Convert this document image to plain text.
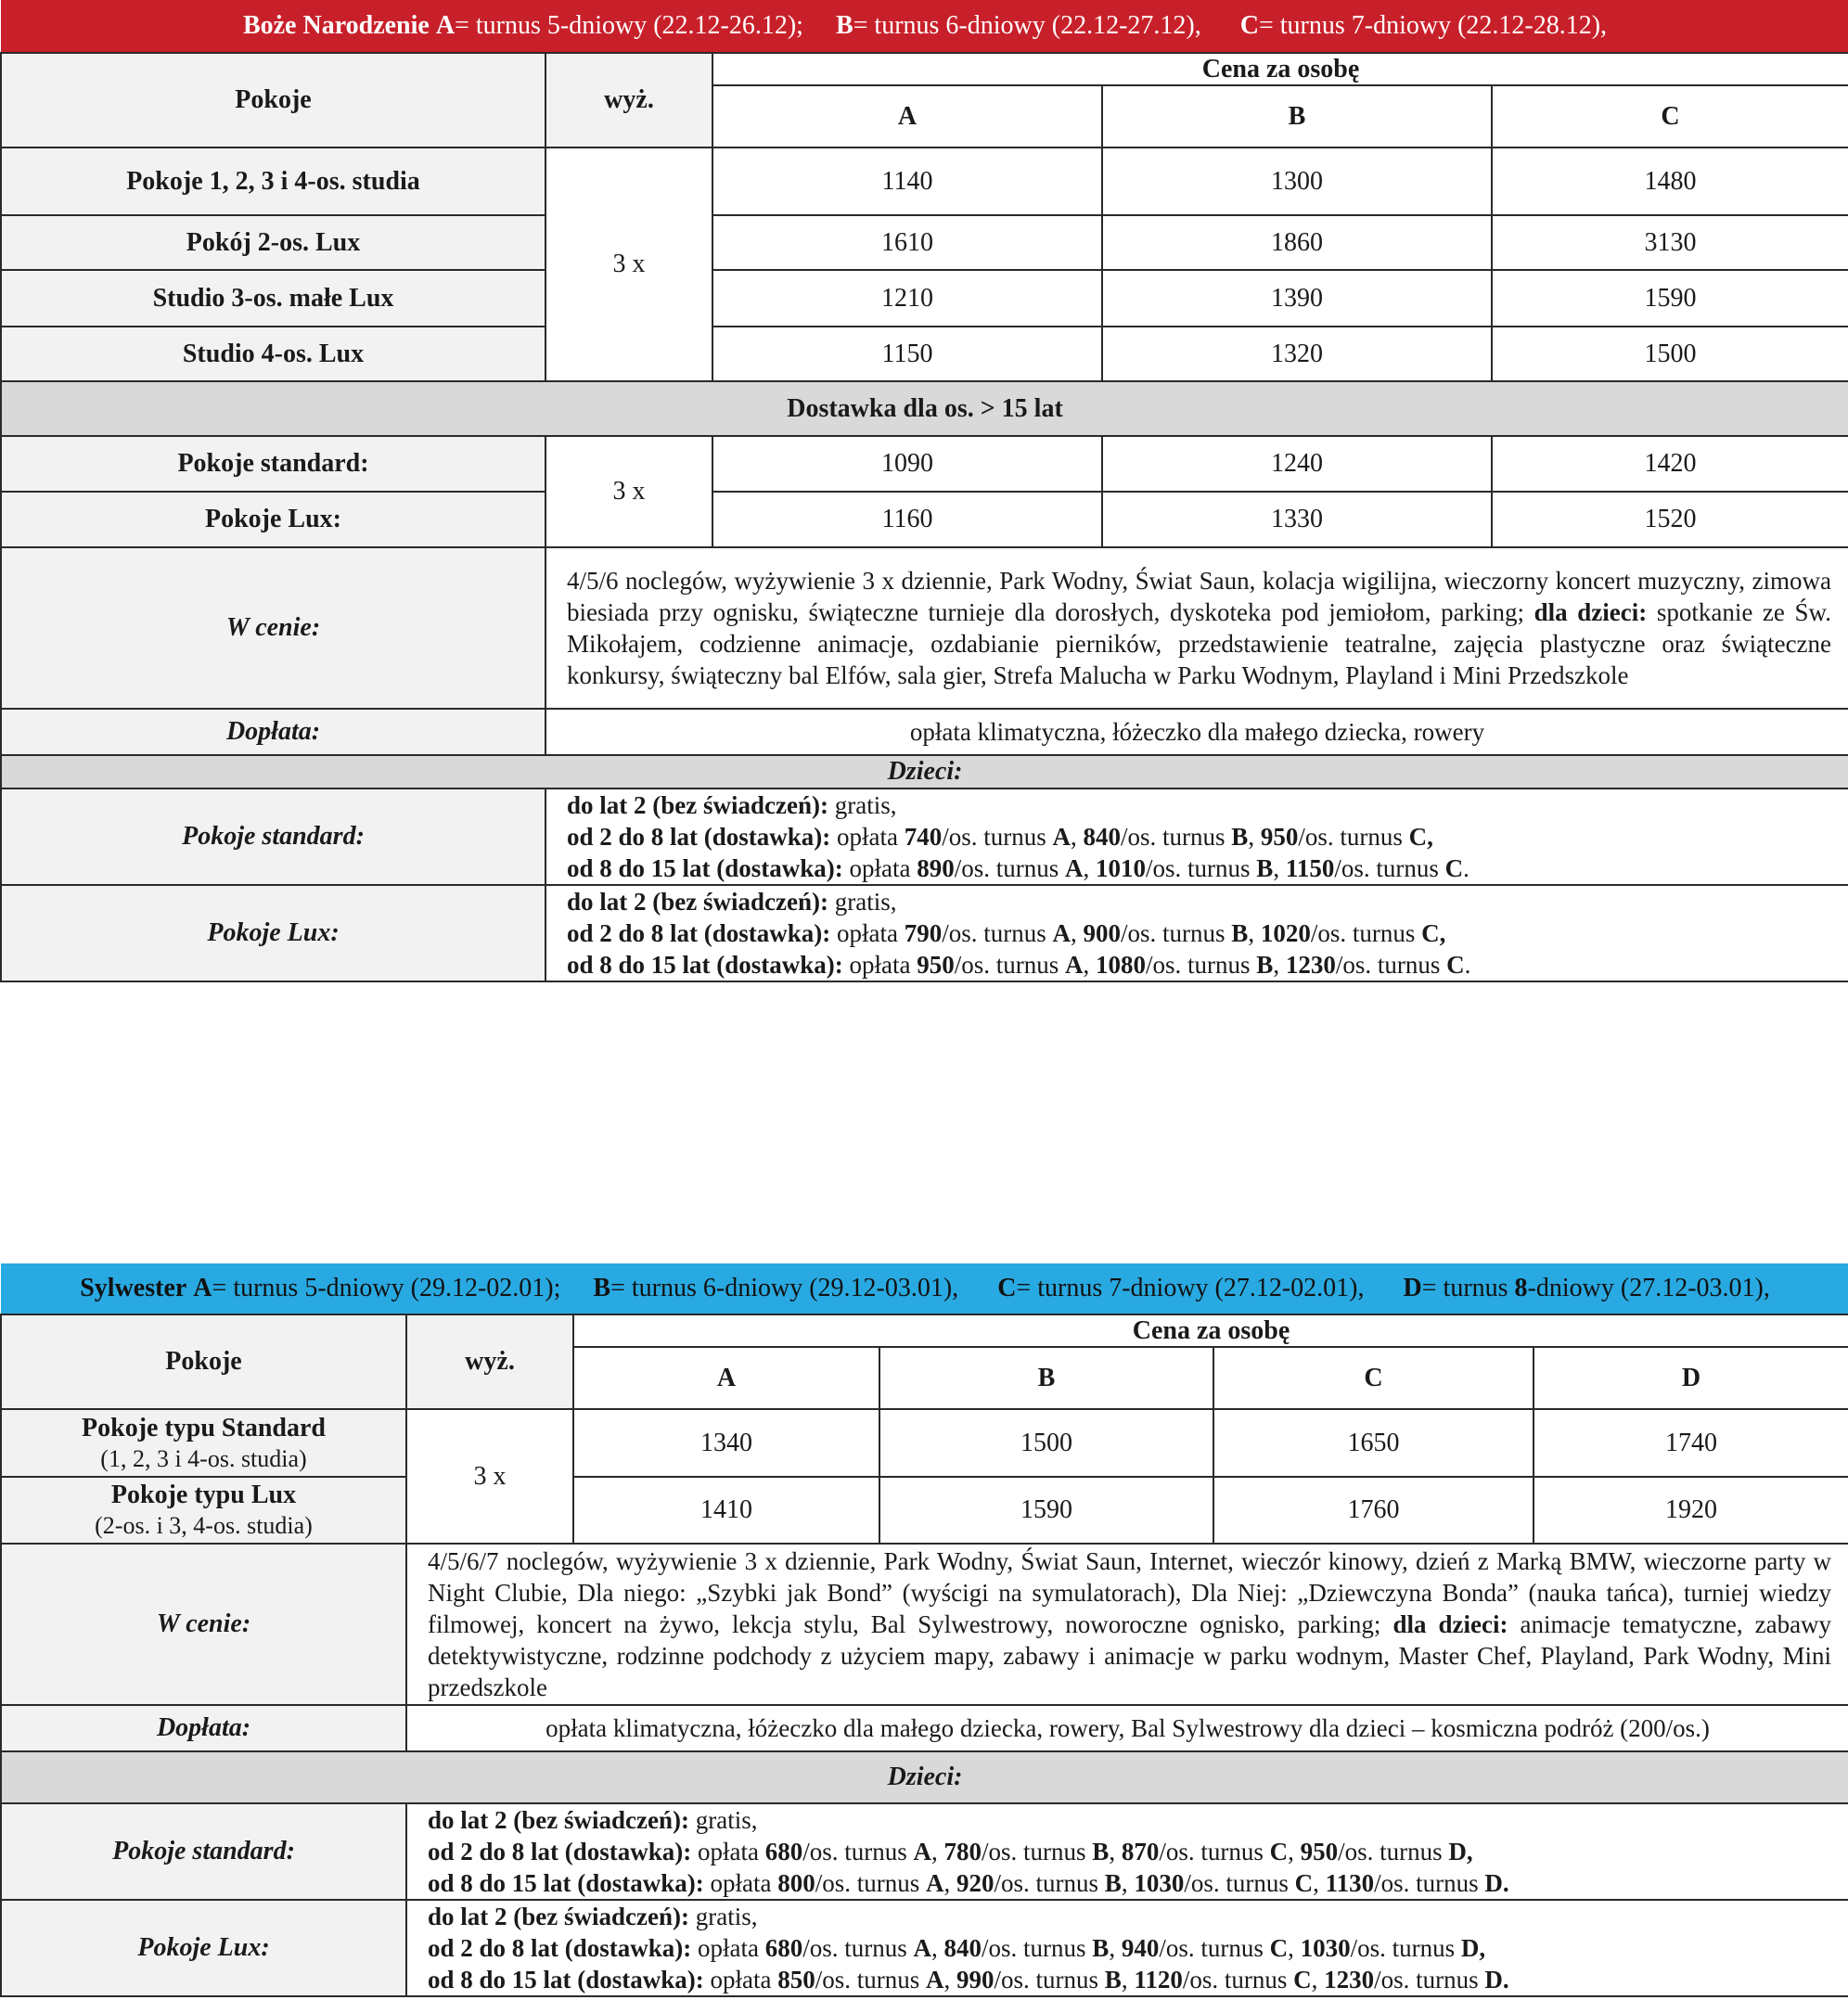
Boże Narodzenie A= turnus 5-dniowy (22.12-26.12); B= turnus 6-dniowy (22.12-27.12), C= turnus 7-dniowy (22.12-28.12),				
Pokoje	wyż.	Cena za osobę		
		A	B	C
Pokoje 1, 2, 3 i 4-os. studia	3 x	1140	1300	1480
Pokój 2-os. Lux		1610	1860	3130
Studio 3-os. małe Lux		1210	1390	1590
Studio 4-os. Lux		1150	1320	1500
Dostawka dla os. > 15 lat				
Pokoje standard:	3 x	1090	1240	1420
Pokoje Lux:		1160	1330	1520
W cenie:	4/5/6 noclegów, wyżywienie 3 x dziennie, Park Wodny, Świat Saun, kolacja wigilijna, wieczorny koncert muzyczny, zimowa biesiada przy ognisku, świąteczne turnieje dla dorosłych, dyskoteka pod jemiołom, parking; dla dzieci: spotkanie ze Św. Mikołajem, codzienne animacje, ozdabianie pierników, przedstawienie teatralne, zajęcia plastyczne oraz świąteczne konkursy, świąteczny bal Elfów, sala gier, Strefa Malucha w Parku Wodnym, Playland i Mini Przedszkole			
Dopłata:	opłata klimatyczna, łóżeczko dla małego dziecka, rowery			
Dzieci:				
Pokoje standard:	do lat 2 (bez świadczeń): gratis,
od 2 do 8 lat (dostawka): opłata 740/os. turnus A, 840/os. turnus B, 950/os. turnus C,
od 8 do 15 lat (dostawka): opłata 890/os. turnus A, 1010/os. turnus B, 1150/os. turnus C.			
Pokoje Lux:	do lat 2 (bez świadczeń): gratis,
od 2 do 8 lat (dostawka): opłata 790/os. turnus A, 900/os. turnus B, 1020/os. turnus C,
od 8 do 15 lat (dostawka): opłata 950/os. turnus A, 1080/os. turnus B, 1230/os. turnus C.			
Sylwester A= turnus 5-dniowy (29.12-02.01); B= turnus 6-dniowy (29.12-03.01), C= turnus 7-dniowy (27.12-02.01), D= turnus 8-dniowy (27.12-03.01),					
Pokoje	wyż.	Cena za osobę			
		A	B	C	D
Pokoje typu Standard
(1, 2, 3 i 4-os. studia)	3 x	1340	1500	1650	1740
Pokoje typu Lux
(2-os. i 3, 4-os. studia)		1410	1590	1760	1920
W cenie:	4/5/6/7 noclegów, wyżywienie 3 x dziennie, Park Wodny, Świat Saun, Internet, wieczór kinowy, dzień z Marką BMW, wieczorne party w Night Clubie, Dla niego: „Szybki jak Bond” (wyścigi na symulatorach), Dla Niej: „Dziewczyna Bonda” (nauka tańca), turniej wiedzy filmowej, koncert na żywo, lekcja stylu, Bal Sylwestrowy, noworoczne ognisko, parking; dla dzieci: animacje tematyczne, zabawy detektywistyczne, rodzinne podchody z użyciem mapy, zabawy i animacje w parku wodnym, Master Chef, Playland, Park Wodny, Mini przedszkole				
Dopłata:	opłata klimatyczna, łóżeczko dla małego dziecka, rowery, Bal Sylwestrowy dla dzieci – kosmiczna podróż (200/os.)				
Dzieci:					
Pokoje standard:	do lat 2 (bez świadczeń): gratis,
od 2 do 8 lat (dostawka): opłata 680/os. turnus A, 780/os. turnus B, 870/os. turnus C, 950/os. turnus D,
od 8 do 15 lat (dostawka): opłata 800/os. turnus A, 920/os. turnus B, 1030/os. turnus C, 1130/os. turnus D.				
Pokoje Lux:	do lat 2 (bez świadczeń): gratis,
od 2 do 8 lat (dostawka): opłata 680/os. turnus A, 840/os. turnus B, 940/os. turnus C, 1030/os. turnus D,
od 8 do 15 lat (dostawka): opłata 850/os. turnus A, 990/os. turnus B, 1120/os. turnus C, 1230/os. turnus D.				
